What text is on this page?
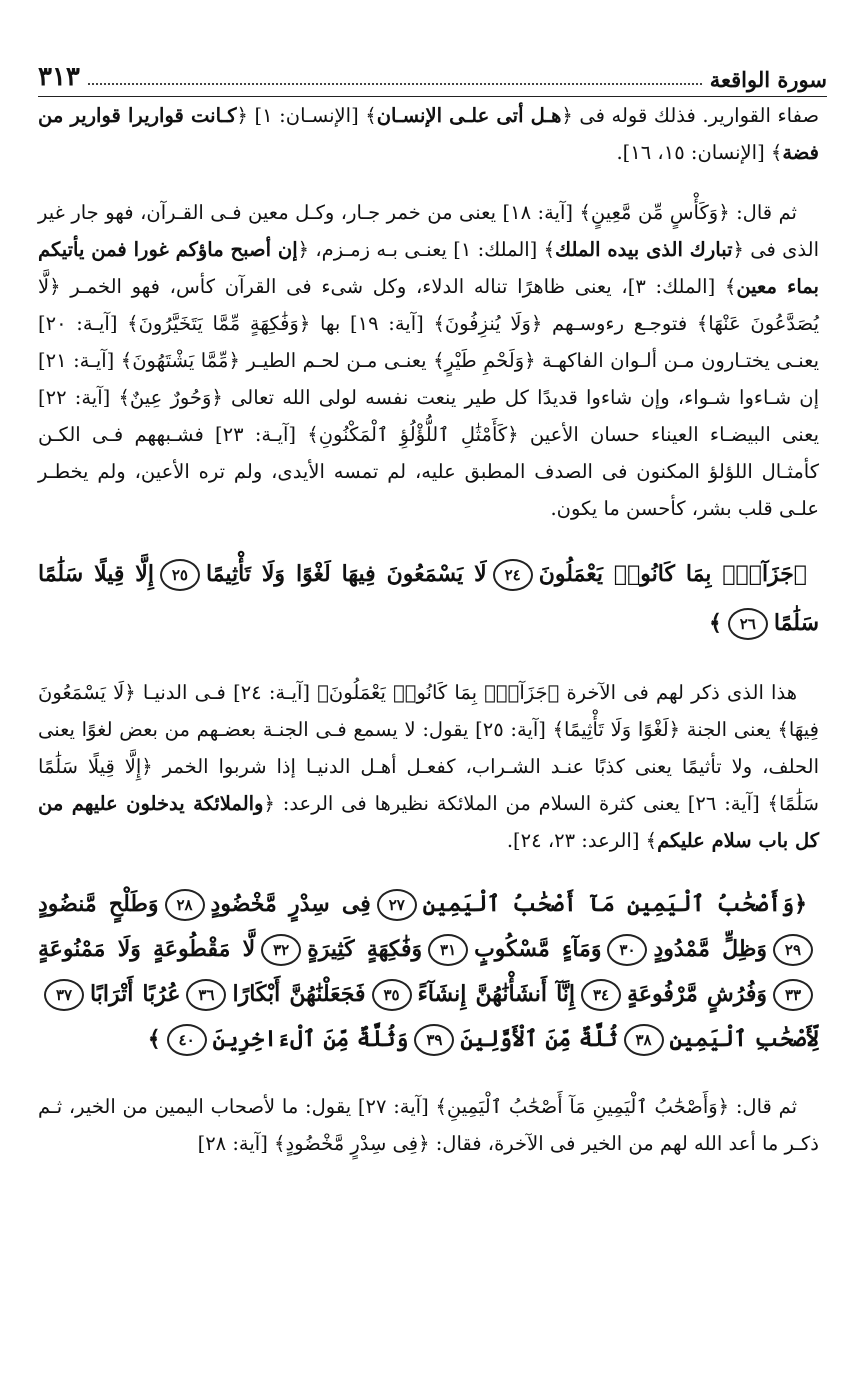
سورة الواقعة
٣١٣

صفاء القوارير. فذلك قوله فى ﴿هـل أتى علـى الإنسـان﴾ [الإنسـان: ١] ﴿كـانت قواريرا قوارير من فضة﴾ [الإنسان: ١٥، ١٦].

ثم قال: ﴿وَكَأْسٍ مِّن مَّعِينٍ﴾ [آية: ١٨] يعنى من خمر جـار، وكـل معين فـى القـرآن، فهو جار غير الذى فى ﴿تبارك الذى بيده الملك﴾ [الملك: ١] يعنـى بـه زمـزم، ﴿إن أصبح ماؤكم غورا فمن يأتيكم بماء معين﴾ [الملك: ٣]، يعنى ظاهرًا تناله الدلاء، وكل شىء فى القرآن كأس، فهو الخمـر ﴿لَّا يُصَدَّعُونَ عَنْهَا﴾ فتوجـع رءوسـهم ﴿وَلَا يُنزِفُونَ﴾ [آية: ١٩] بها ﴿وَفَٰكِهَةٍ مِّمَّا يَتَخَيَّرُونَ﴾ [آيـة: ٢٠] يعنـى يختـارون مـن ألـوان الفاكهـة ﴿وَلَحْمِ طَيْرٍ﴾ يعنـى مـن لحـم الطيـر ﴿مِّمَّا يَشْتَهُونَ﴾ [آيـة: ٢١] إن شـاءوا شـواء، وإن شاءوا قديدًا كل طير ينعت نفسه لولى الله تعالى ﴿وَحُورٌ عِينٌ﴾ [آية: ٢٢] يعنى البيضـاء العيناء حسان الأعين ﴿كَأَمْثَٰلِ ٱللُّؤْلُؤِ ٱلْمَكْنُونِ﴾ [آيـة: ٢٣] فشـبههم فـى الكـن كأمثـال اللؤلؤ المكنون فى الصدف المطبق عليه، لم تمسه الأيدى، ولم تره الأعين، ولم يخطـر علـى قلب بشر، كأحسن ما يكون.

﴿جَزَآءَۢ بِمَا كَانُوا۟ يَعْمَلُونَ٢٤لَا يَسْمَعُونَ فِيهَا لَغْوًا وَلَا تَأْثِيمًا٢٥إِلَّا قِيلًا سَلَٰمًا سَلَٰمًا٢٦﴾

هذا الذى ذكر لهم فى الآخرة ﴿جَزَآءَۢ بِمَا كَانُوا۟ يَعْمَلُونَ﴾ [آيـة: ٢٤] فـى الدنيـا ﴿لَا يَسْمَعُونَ فِيهَا﴾ يعنى الجنة ﴿لَغْوًا وَلَا تَأْثِيمًا﴾ [آية: ٢٥] يقول: لا يسمع فـى الجنـة بعضـهم من بعض لغوًا يعنى الحلف، ولا تأثيمًا يعنى كذبًا عنـد الشـراب، كفعـل أهـل الدنيـا إذا شربوا الخمر ﴿إِلَّا قِيلًا سَلَٰمًا سَلَٰمًا﴾ [آية: ٢٦] يعنى كثرة السلام من الملائكة نظيرها فى الرعد: ﴿والملائكة يدخلون عليهم من كل باب سلام عليكم﴾ [الرعد: ٢٣، ٢٤].

﴿وَأَصْحَٰبُ ٱلْيَمِينِ مَآ أَصْحَٰبُ ٱلْيَمِينِ٢٧فِى سِدْرٍ مَّخْضُودٍ٢٨وَطَلْحٍ مَّنضُودٍ٢٩وَظِلٍّ مَّمْدُودٍ٣٠وَمَآءٍ مَّسْكُوبٍ٣١وَفَٰكِهَةٍ كَثِيرَةٍ٣٢لَّا مَقْطُوعَةٍ وَلَا مَمْنُوعَةٍ٣٣وَفُرُشٍ مَّرْفُوعَةٍ٣٤إِنَّآ أَنشَأْنَٰهُنَّ إِنشَآءً٣٥فَجَعَلْنَٰهُنَّ أَبْكَارًا٣٦عُرُبًا أَتْرَابًا٣٧لِّأَصْحَٰبِ ٱلْيَمِينِ٣٨ثُلَّةٌ مِّنَ ٱلْأَوَّلِينَ٣٩وَثُلَّةٌ مِّنَ ٱلْءَاخِرِينَ٤٠﴾

ثم قال: ﴿وَأَصْحَٰبُ ٱلْيَمِينِ مَآ أَصْحَٰبُ ٱلْيَمِينِ﴾ [آية: ٢٧] يقول: ما لأصحاب اليمين من الخير، ثـم ذكـر ما أعد الله لهم من الخير فى الآخرة، فقال: ﴿فِى سِدْرٍ مَّخْضُودٍ﴾ [آية: ٢٨]
